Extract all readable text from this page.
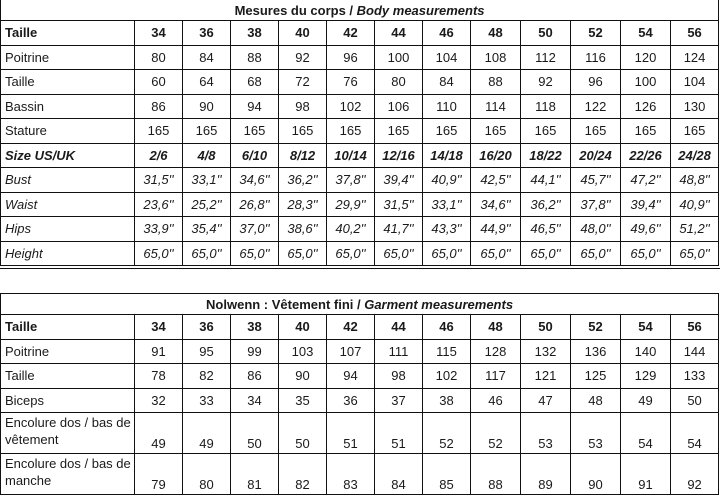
Mesures du corps / Body measurements												
Taille	34	36	38	40	42	44	46	48	50	52	54	56
Poitrine	80	84	88	92	96	100	104	108	112	116	120	124
Taille	60	64	68	72	76	80	84	88	92	96	100	104
Bassin	86	90	94	98	102	106	110	114	118	122	126	130
Stature	165	165	165	165	165	165	165	165	165	165	165	165
Size US/UK	2/6	4/8	6/10	8/12	10/14	12/16	14/18	16/20	18/22	20/24	22/26	24/28
Bust	31,5''	33,1''	34,6''	36,2''	37,8''	39,4''	40,9''	42,5''	44,1''	45,7''	47,2''	48,8''
Waist	23,6''	25,2''	26,8''	28,3''	29,9''	31,5''	33,1''	34,6''	36,2''	37,8''	39,4''	40,9''
Hips	33,9''	35,4''	37,0''	38,6''	40,2''	41,7''	43,3''	44,9''	46,5''	48,0''	49,6''	51,2''
Height	65,0''	65,0''	65,0''	65,0''	65,0''	65,0''	65,0''	65,0''	65,0''	65,0''	65,0''	65,0''
Nolwenn : Vêtement fini / Garment measurements												
Taille	34	36	38	40	42	44	46	48	50	52	54	56
Poitrine	91	95	99	103	107	111	115	128	132	136	140	144
Taille	78	82	86	90	94	98	102	117	121	125	129	133
Biceps	32	33	34	35	36	37	38	46	47	48	49	50
Encolure dos / bas de vêtement	49	49	50	50	51	51	52	52	53	53	54	54
Encolure dos / bas de manche	79	80	81	82	83	84	85	88	89	90	91	92
